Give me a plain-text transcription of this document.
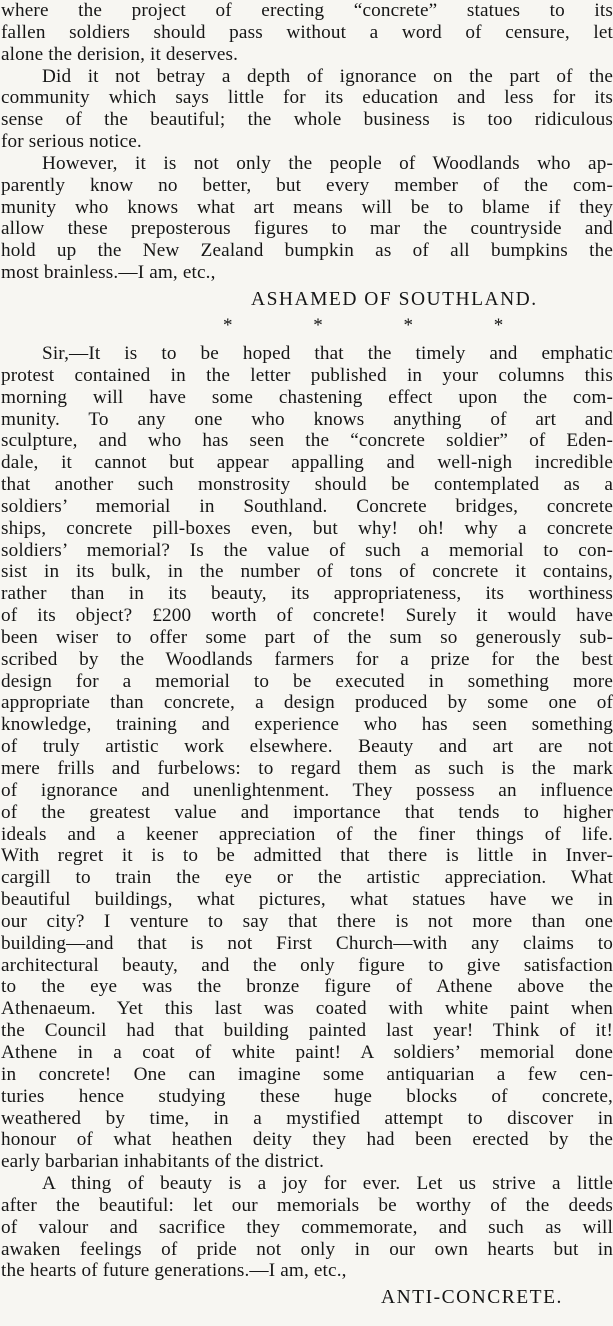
where the project of erecting “concrete” statues to its
fallen soldiers should pass without a word of censure, let
alone the derision, it deserves.

Did it not betray a depth of ignorance on the part of the
community which says little for its education and less for its
sense of the beautiful; the whole business is too ridiculous
for serious notice.

However, it is not only the people of Woodlands who ap-
parently know no better, but every member of the com-
munity who knows what art means will be to blame if they
allow these preposterous figures to mar the countryside and
hold up the New Zealand bumpkin as of all bumpkins the
most brainless.—I am, etc.,

ASHAMED OF SOUTHLAND.

* * * *

Sir,—It is to be hoped that the timely and emphatic
protest contained in the letter published in your columns this
morning will have some chastening effect upon the com-
munity. To any one who knows anything of art and
sculpture, and who has seen the “concrete soldier” of Eden-
dale, it cannot but appear appalling and well-nigh incredible
that another such monstrosity should be contemplated as a
soldiers’ memorial in Southland. Concrete bridges, concrete
ships, concrete pill-boxes even, but why! oh! why a concrete
soldiers’ memorial? Is the value of such a memorial to con-
sist in its bulk, in the number of tons of concrete it contains,
rather than in its beauty, its appropriateness, its worthiness
of its object? £200 worth of concrete! Surely it would have
been wiser to offer some part of the sum so generously sub-
scribed by the Woodlands farmers for a prize for the best
design for a memorial to be executed in something more
appropriate than concrete, a design produced by some one of
knowledge, training and experience who has seen something
of truly artistic work elsewhere. Beauty and art are not
mere frills and furbelows: to regard them as such is the mark
of ignorance and unenlightenment. They possess an influence
of the greatest value and importance that tends to higher
ideals and a keener appreciation of the finer things of life.
With regret it is to be admitted that there is little in Inver-
cargill to train the eye or the artistic appreciation. What
beautiful buildings, what pictures, what statues have we in
our city? I venture to say that there is not more than one
building—and that is not First Church—with any claims to
architectural beauty, and the only figure to give satisfaction
to the eye was the bronze figure of Athene above the
Athenaeum. Yet this last was coated with white paint when
the Council had that building painted last year! Think of it!
Athene in a coat of white paint! A soldiers’ memorial done
in concrete! One can imagine some antiquarian a few cen-
turies hence studying these huge blocks of concrete,
weathered by time, in a mystified attempt to discover in
honour of what heathen deity they had been erected by the
early barbarian inhabitants of the district.

A thing of beauty is a joy for ever. Let us strive a little
after the beautiful: let our memorials be worthy of the deeds
of valour and sacrifice they commemorate, and such as will
awaken feelings of pride not only in our own hearts but in
the hearts of future generations.—I am, etc.,

ANTI-CONCRETE.
